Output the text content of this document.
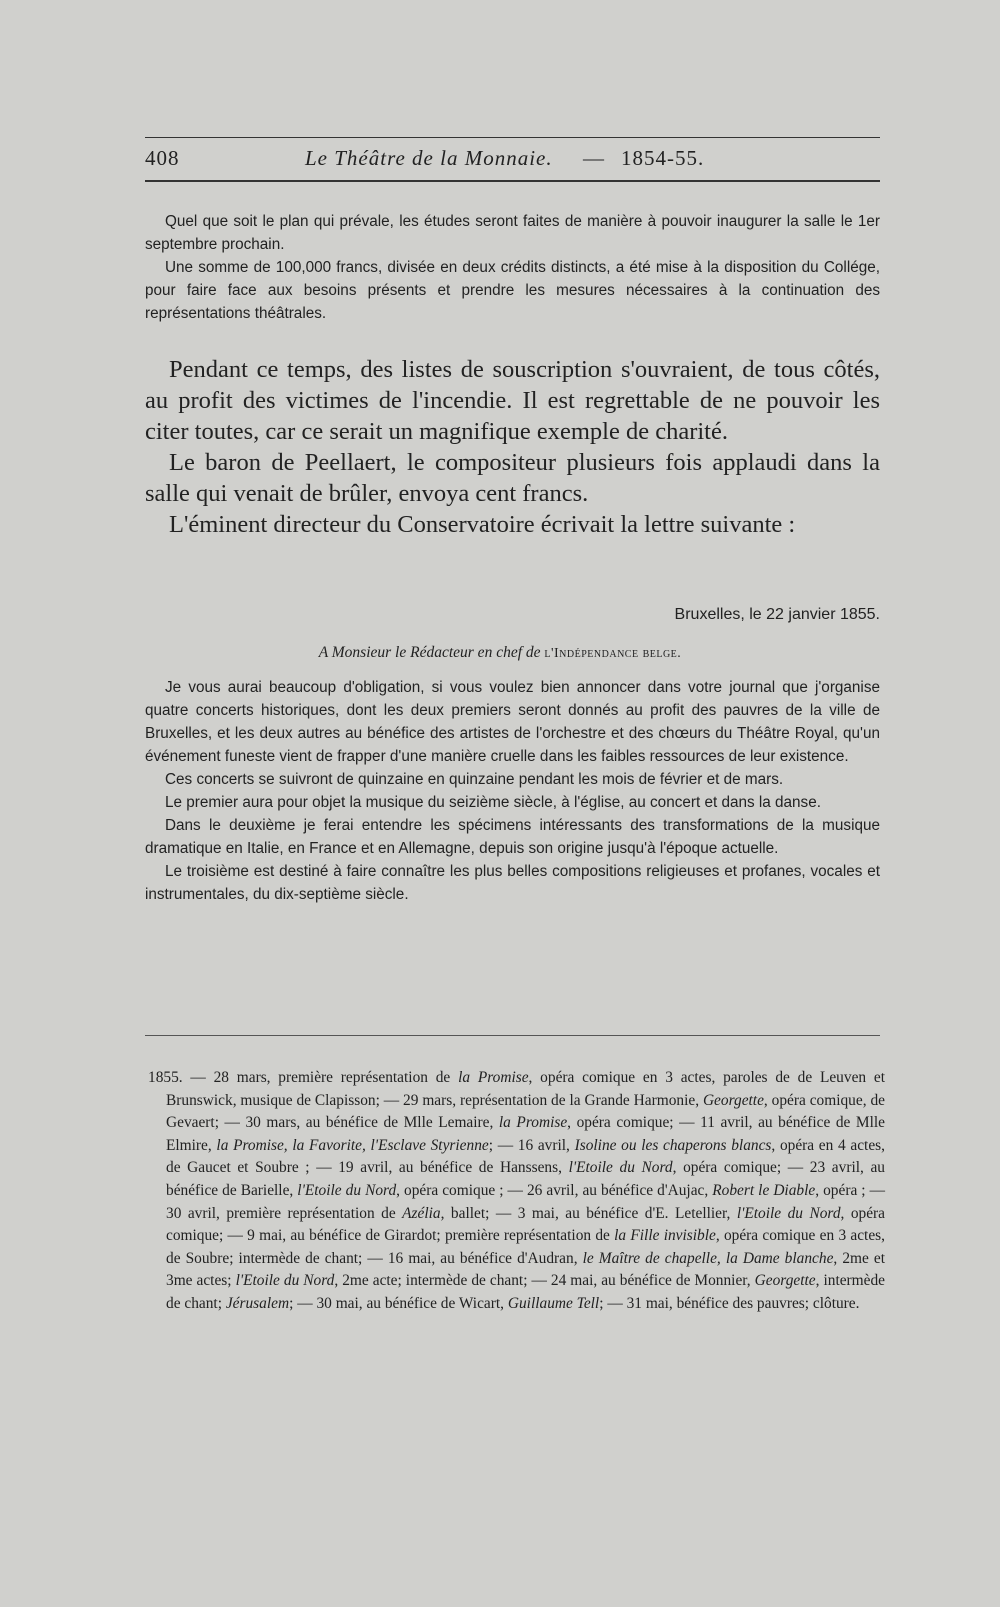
408	Le Théâtre de la Monnaie. — 1854-55.

Quel que soit le plan qui prévale, les études seront faites de manière à pouvoir inaugurer la salle le 1er septembre prochain.

Une somme de 100,000 francs, divisée en deux crédits distincts, a été mise à la disposition du Collége, pour faire face aux besoins présents et prendre les mesures nécessaires à la continuation des représentations théâtrales.

Pendant ce temps, des listes de souscription s'ouvraient, de tous côtés, au profit des victimes de l'incendie. Il est regrettable de ne pouvoir les citer toutes, car ce serait un magnifique exemple de charité.

Le baron de Peellaert, le compositeur plusieurs fois applaudi dans la salle qui venait de brûler, envoya cent francs.

L'éminent directeur du Conservatoire écrivait la lettre suivante :

Bruxelles, le 22 janvier 1855.
A Monsieur le Rédacteur en chef de l'Indépendance belge.

Je vous aurai beaucoup d'obligation, si vous voulez bien annoncer dans votre journal que j'organise quatre concerts historiques, dont les deux premiers seront donnés au profit des pauvres de la ville de Bruxelles, et les deux autres au bénéfice des artistes de l'orchestre et des chœurs du Théâtre Royal, qu'un événement funeste vient de frapper d'une manière cruelle dans les faibles ressources de leur existence.

Ces concerts se suivront de quinzaine en quinzaine pendant les mois de février et de mars.

Le premier aura pour objet la musique du seizième siècle, à l'église, au concert et dans la danse.

Dans le deuxième je ferai entendre les spécimens intéressants des transformations de la musique dramatique en Italie, en France et en Allemagne, depuis son origine jusqu'à l'époque actuelle.

Le troisième est destiné à faire connaître les plus belles compositions religieuses et profanes, vocales et instrumentales, du dix-septième siècle.

1855. — 28 mars, première représentation de la Promise, opéra comique en 3 actes, paroles de de Leuven et Brunswick, musique de Clapisson; — 29 mars, représentation de la Grande Harmonie, Georgette, opéra comique, de Gevaert; — 30 mars, au bénéfice de Mlle Lemaire, la Promise, opéra comique; — 11 avril, au bénéfice de Mlle Elmire, la Promise, la Favorite, l'Esclave Styrienne; — 16 avril, Isoline ou les chaperons blancs, opéra en 4 actes, de Gaucet et Soubre ; — 19 avril, au bénéfice de Hanssens, l'Etoile du Nord, opéra comique; — 23 avril, au bénéfice de Barielle, l'Etoile du Nord, opéra comique ; — 26 avril, au bénéfice d'Aujac, Robert le Diable, opéra ; — 30 avril, première représentation de Azélia, ballet; — 3 mai, au bénéfice d'E. Letellier, l'Etoile du Nord, opéra comique; — 9 mai, au bénéfice de Girardot; première représentation de la Fille invisible, opéra comique en 3 actes, de Soubre; intermède de chant; — 16 mai, au bénéfice d'Audran, le Maître de chapelle, la Dame blanche, 2me et 3me actes; l'Etoile du Nord, 2me acte; intermède de chant; — 24 mai, au bénéfice de Monnier, Georgette, intermède de chant; Jérusalem; — 30 mai, au bénéfice de Wicart, Guillaume Tell; — 31 mai, bénéfice des pauvres; clôture.
